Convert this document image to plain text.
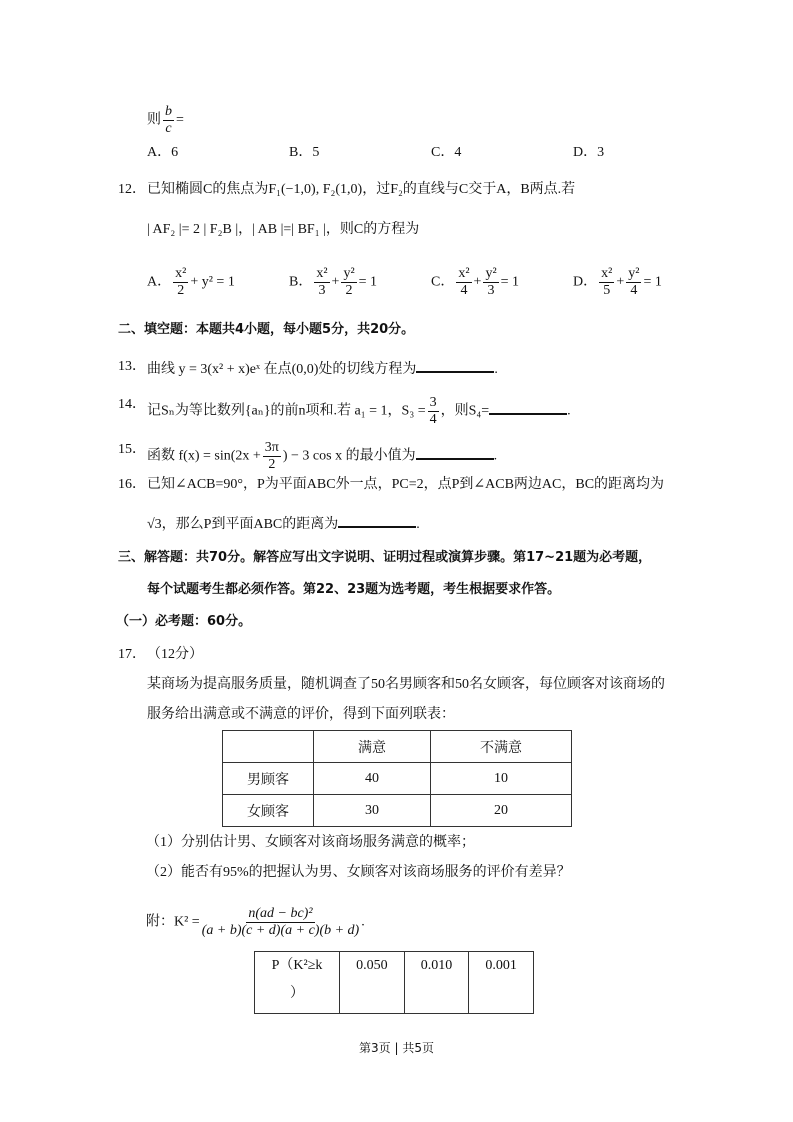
则 $\frac{b}{c}$ =
A．6	B．5	C．4	D．3
12． 已知椭圆C的焦点为F₁(−1,0), F₂(1,0)，过F₂的直线与C交于A，B两点.若
| AF₂ |= 2 | F₂B |，| AB |=| BF₁ |，则C的方程为
A． $\frac{\text{x²}}{2} + y^2 = 1$	B． $\frac{\text{x²}}{3} + \frac{\text{y²}}{2} = 1$	C． $\frac{\text{x²}}{4} + \frac{\text{y²}}{3} = 1$	D． $\frac{\text{x²}}{5} + \frac{\text{y²}}{4} = 1$
二、填空题：本题共4小题，每小题5分，共20分。
13． 曲线 y = 3(x² + x)eˣ 在点(0,0)处的切线方程为	.
14． 记Sₙ为等比数列{aₙ}的前n项和.若 a₁ = 1，$S_3 = \frac{3}{4}$ ，则S₄=	.
15． 函数 $f(x) = \sin(2x + \frac{3\pi}{2}$ ) − 3 cos x 的最小值为	.
16． 已知∠ACB=90°，P为平面ABC外一点，PC=2，点P到∠ACB两边AC，BC的距离均为
√3，那么P到平面ABC的距离为	.
三、解答题：共70分。解答应写出文字说明、证明过程或演算步骤。第17~21题为必考题，
每个试题考生都必须作答。第22、23题为选考题，考生根据要求作答。
（一）必考题：60分。
17． （12分）
某商场为提高服务质量，随机调查了50名男顾客和50名女顾客，每位顾客对该商场的
服务给出满意或不满意的评价，得到下面列联表：
	满意	不满意
男顾客	40	10
女顾客	30	20
（1）分别估计男、女顾客对该商场服务满意的概率；
（2）能否有95%的把握认为男、女顾客对该商场服务的评价有差异？
附：$K^2 = \frac{\text{n(ad − bc)²}}{(a + b)(c + d)(a + c)(b + d)}$ .
P（K²≥k
）	0.050	0.010	0.001
第3页 | 共5页
